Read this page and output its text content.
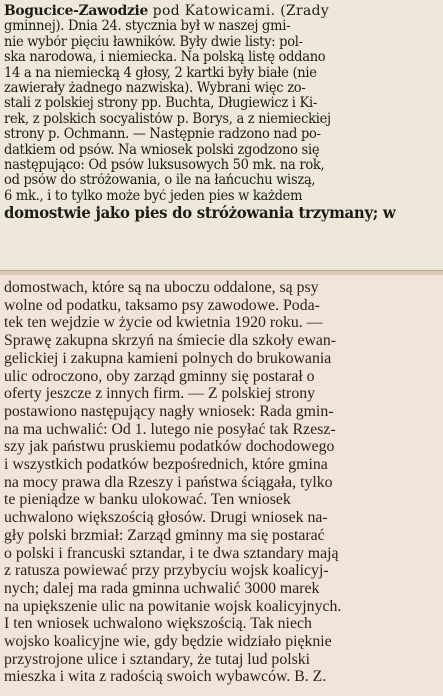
Bogucice-Zawodzie pod Katowicami. (Zrady
gminnej). Dnia 24. stycznia był w naszej gmi-
nie wybór pięciu ławników. Były dwie listy: pol-
ska narodowa, i niemiecka. Na polską listę oddano
14 a na niemiecką 4 głosy, 2 kartki były białe (nie
zawierały żadnego nazwiska). Wybrani więc zo-
stali z polskiej strony pp. Buchta, Długiewicz i Ki-
rek, z polskich socyalistów p. Borys, a z niemieckiej
strony p. Ochmann. — Następnie radzono nad po-
datkiem od psów. Na wniosek polski zgodzono się
następująco: Od psów luksusowych 50 mk. na rok,
od psów do stróżowania, o ile na łańcuchu wiszą,
6 mk., i to tylko może być jeden pies w każdem
domostwie jako pies do stróżowania trzymany; w
domostwach, które są na uboczu oddalone, są psy
wolne od podatku, taksamo psy zawodowe. Poda-
tek ten wejdzie w życie od kwietnia 1920 roku. —
Sprawę zakupna skrzyń na śmiecie dla szkoły ewan-
gelickiej i zakupna kamieni polnych do brukowania
ulic odroczono, oby zarząd gminny się postarał o
oferty jeszcze z innych firm. — Z polskiej strony
postawiono następujący nagły wniosek: Rada gmin-
na ma uchwalić: Od 1. lutego nie posyłać tak Rzesz-
szy jak państwu pruskiemu podatków dochodowego
i wszystkich podatków bezpośrednich, które gmina
na mocy prawa dla Rzeszy i państwa ściągała, tylko
te pieniądze w banku ulokować. Ten wniosek
uchwalono większością głosów. Drugi wniosek na-
gły polski brzmiał: Zarząd gminny ma się postarać
o polski i francuski sztandar, i te dwa sztandary mają
z ratusza powiewać przy przybyciu wojsk koalicyj-
nych; dalej ma rada gminna uchwalić 3000 marek
na upiększenie ulic na powitanie wojsk koalicyjnych.
I ten wniosek uchwalono większością. Tak niech
wojsko koalicyjne wie, gdy będzie widziało pięknie
przystrojone ulice i sztandary, że tutaj lud polski
mieszka i wita z radością swoich wybawców. B. Z.
